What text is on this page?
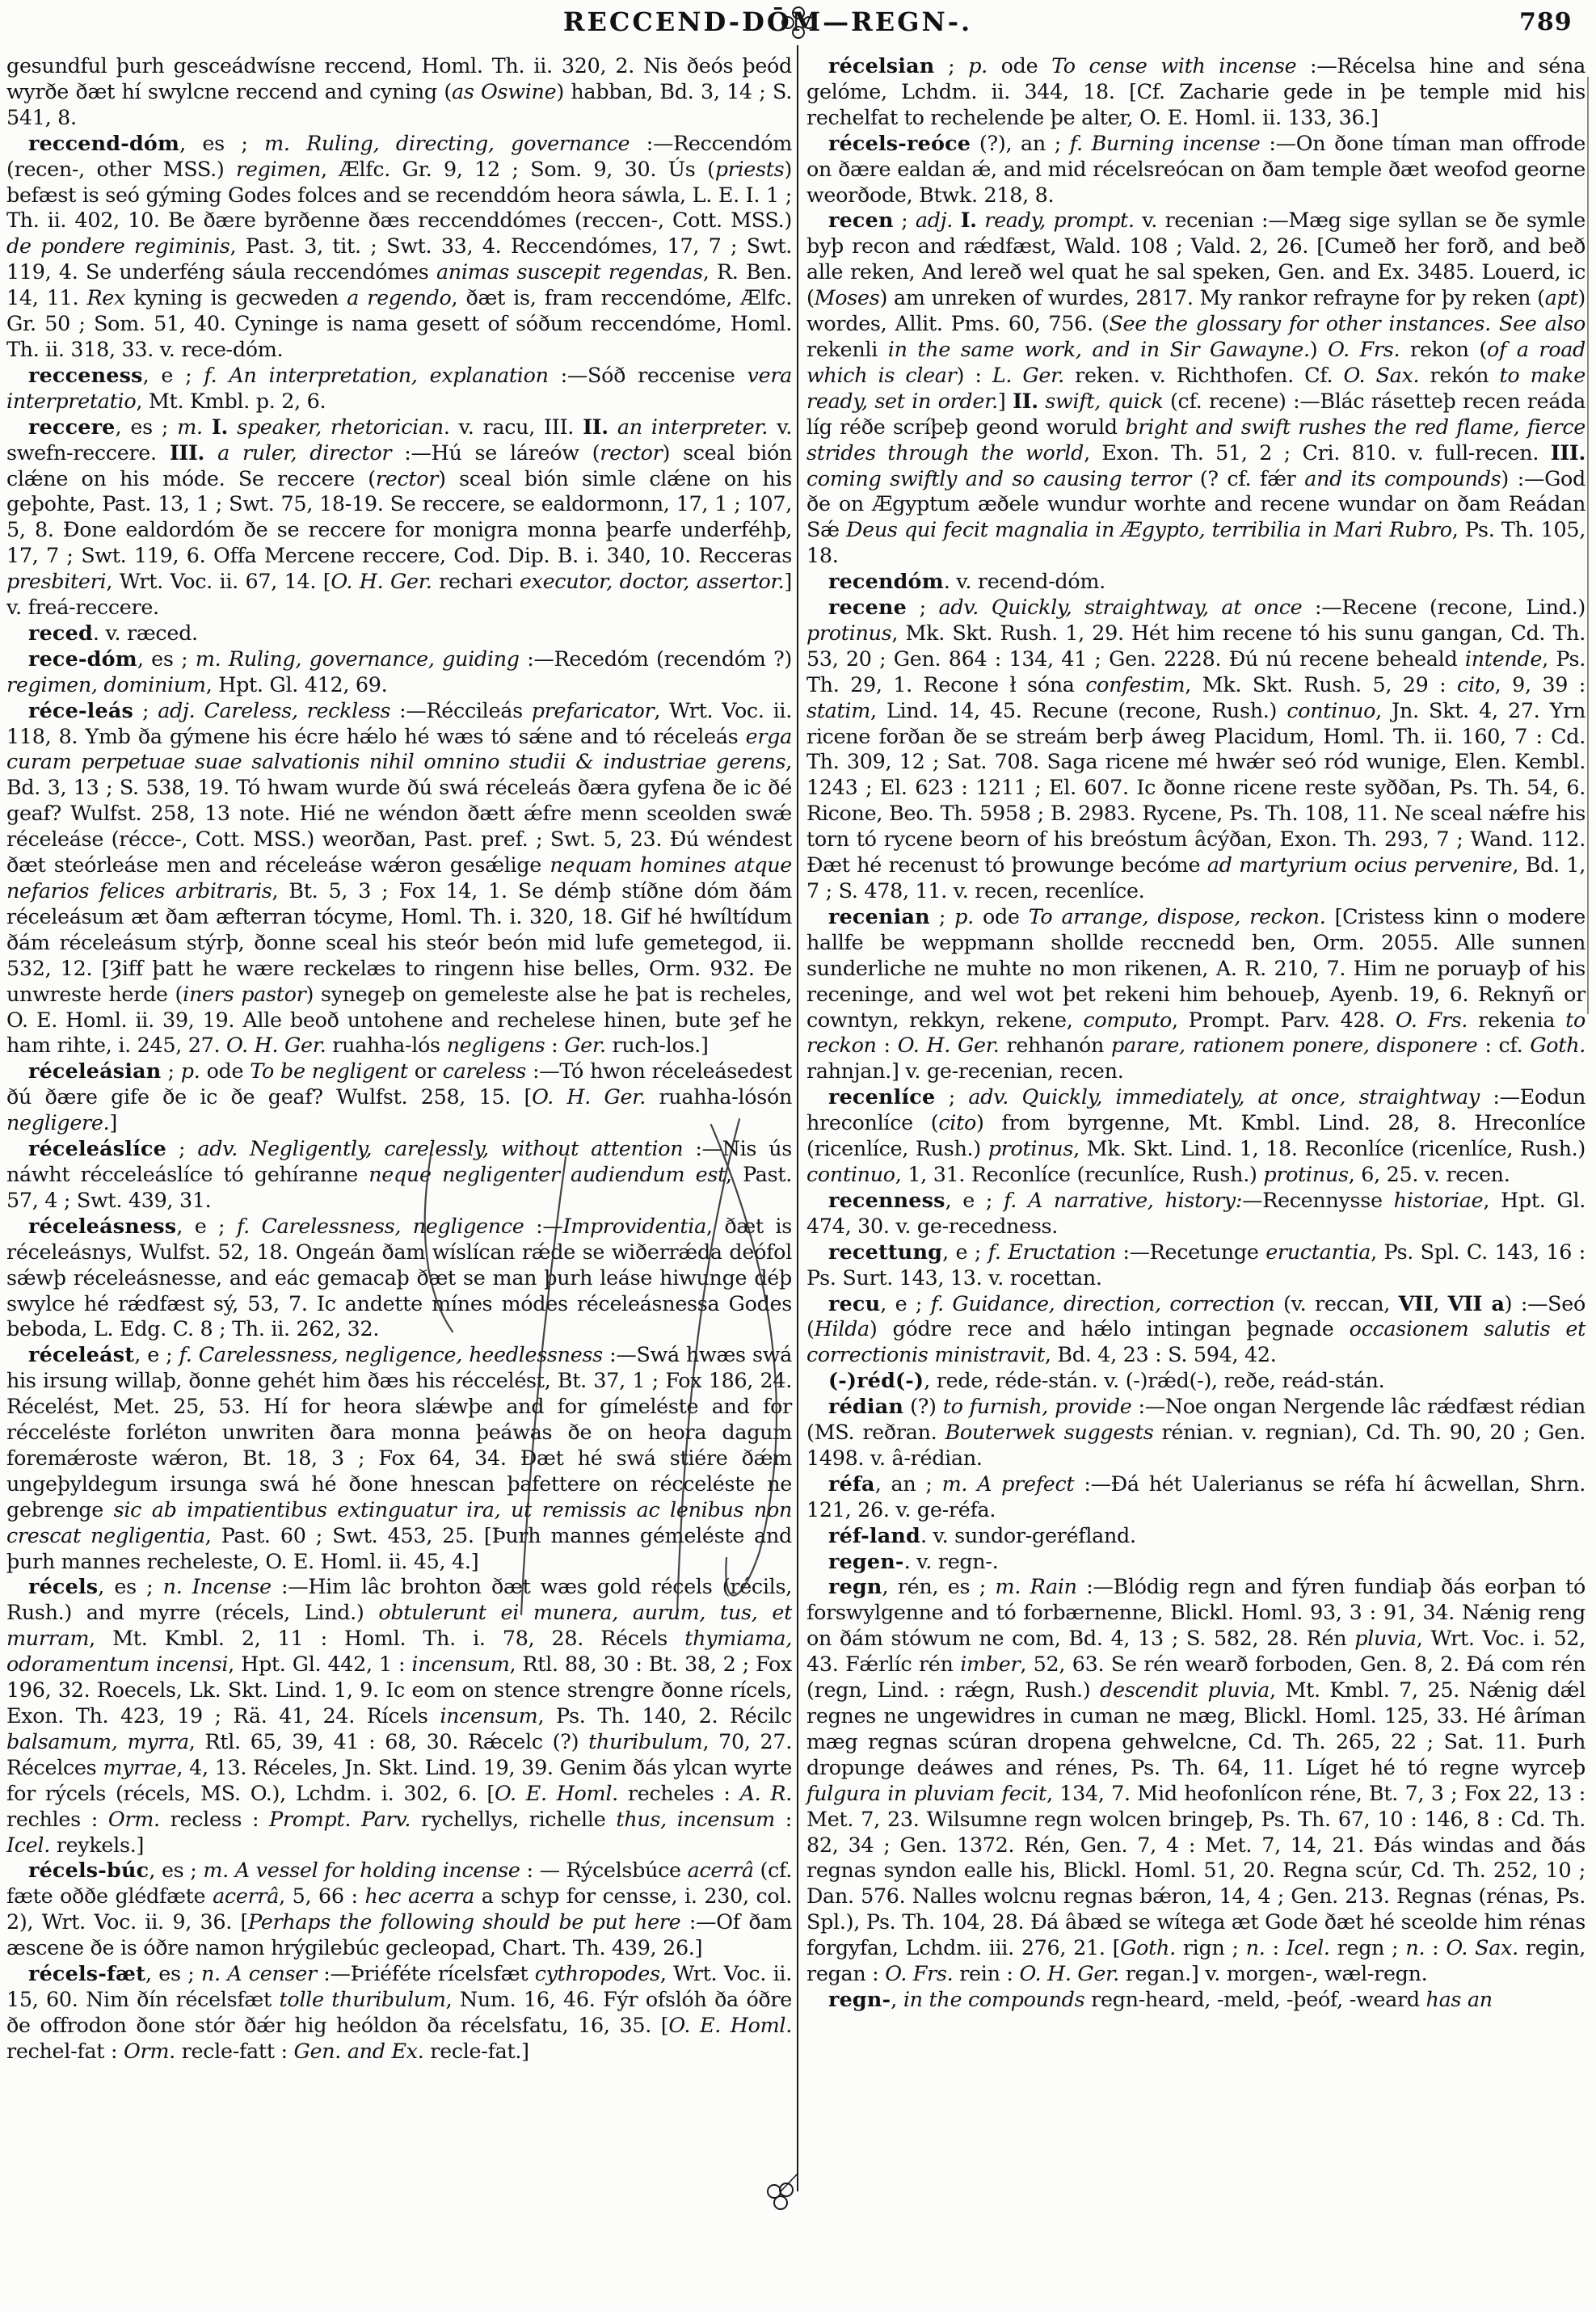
RECCEND-DŌM—REGN-.	789

gesundful þurh gesceádwísne reccend, Homl. Th. ii. 320, 2. Nis ðeós þeód wyrðe ðæt hí swylcne reccend and cyning (as Oswine) habban, Bd. 3, 14 ; S. 541, 8.

reccend-dóm, es ; m. Ruling, directing, governance :—Reccendóm (recen-, other MSS.) regimen, Ælfc. Gr. 9, 12 ; Som. 9, 30. Ús (priests) befæst is seó gýming Godes folces and se recenddóm heora sáwla, L. E. I. 1 ; Th. ii. 402, 10. Be ðære byrðenne ðæs reccenddómes (reccen-, Cott. MSS.) de pondere regiminis, Past. 3, tit. ; Swt. 33, 4. Reccendómes, 17, 7 ; Swt. 119, 4. Se underféng sáula reccendómes animas suscepit regendas, R. Ben. 14, 11. Rex kyning is gecweden a regendo, ðæt is, fram reccendóme, Ælfc. Gr. 50 ; Som. 51, 40. Cyninge is nama gesett of sóðum reccendóme, Homl. Th. ii. 318, 33. v. rece-dóm.

recceness, e ; f. An interpretation, explanation :—Sóð reccenise vera interpretatio, Mt. Kmbl. p. 2, 6.

reccere, es ; m. I. speaker, rhetorician. v. racu, III. II. an interpreter. v. swefn-reccere. III. a ruler, director :—Hú se láreów (rector) sceal bión clǽne on his móde. Se reccere (rector) sceal bión simle clǽne on his geþohte, Past. 13, 1 ; Swt. 75, 18-19. Se reccere, se ealdormonn, 17, 1 ; 107, 5, 8. Ðone ealdordóm ðe se reccere for monigra monna þearfe underféhþ, 17, 7 ; Swt. 119, 6. Offa Mercene reccere, Cod. Dip. B. i. 340, 10. Recceras presbiteri, Wrt. Voc. ii. 67, 14. [O. H. Ger. rechari executor, doctor, assertor.] v. freá-reccere.

reced. v. ræced.

rece-dóm, es ; m. Ruling, governance, guiding :—Recedóm (recendóm ?) regimen, dominium, Hpt. Gl. 412, 69.

réce-leás ; adj. Careless, reckless :—Réccileás prefaricator, Wrt. Voc. ii. 118, 8. Ymb ða gýmene his écre hǽlo hé wæs tó sǽne and tó réceleás erga curam perpetuae suae salvationis nihil omnino studii & industriae gerens, Bd. 3, 13 ; S. 538, 19. Tó hwam wurde ðú swá réceleás ðæra gyfena ðe ic ðé geaf? Wulfst. 258, 13 note. Hié ne wéndon ðætt ǽfre menn sceolden swǽ réceleáse (récce-, Cott. MSS.) weorðan, Past. pref. ; Swt. 5, 23. Ðú wéndest ðæt steórleáse men and réceleáse wǽron gesǽlige nequam homines atque nefarios felices arbitraris, Bt. 5, 3 ; Fox 14, 1. Se démþ stíðne dóm ðám réceleásum æt ðam æfterran tócyme, Homl. Th. i. 320, 18. Gif hé hwíltídum ðám réceleásum stýrþ, ðonne sceal his steór beón mid lufe gemetegod, ii. 532, 12. [Ȝiff þatt he wære reckelæs to ringenn hise belles, Orm. 932. Ðe unwreste herde (iners pastor) synegeþ on gemeleste alse he þat is recheles, O. E. Homl. ii. 39, 19. Alle beoð untohene and rechelese hinen, bute ȝef he ham rihte, i. 245, 27. O. H. Ger. ruahha-lós negligens : Ger. ruch-los.]

réceleásian ; p. ode To be negligent or careless :—Tó hwon réceleásedest ðú ðære gife ðe ic ðe geaf? Wulfst. 258, 15. [O. H. Ger. ruahha-lósón negligere.]

réceleáslíce ; adv. Negligently, carelessly, without attention :—Nis ús náwht récceleáslíce tó gehíranne neque negligenter audiendum est, Past. 57, 4 ; Swt. 439, 31.

réceleásness, e ; f. Carelessness, negligence :—Improvidentia, ðæt is réceleásnys, Wulfst. 52, 18. Ongeán ðam wíslícan rǽde se wiðerrǽda deófol sǽwþ réceleásnesse, and eác gemacaþ ðæt se man þurh leáse hiwunge déþ swylce hé rǽdfæst sý, 53, 7. Ic andette mínes módes réceleásnessa Godes beboda, L. Edg. C. 8 ; Th. ii. 262, 32.

réceleást, e ; f. Carelessness, negligence, heedlessness :—Swá hwæs swá his irsung willaþ, ðonne gehét him ðæs his réccelést, Bt. 37, 1 ; Fox 186, 24. Récelést, Met. 25, 53. Hí for heora slǽwþe and for gímeléste and for récceléste forléton unwriten ðara monna þeáwas ðe on heora dagum foremǽroste wǽron, Bt. 18, 3 ; Fox 64, 34. Ðæt hé swá stiére ðǽm ungeþyldegum irsunga swá hé ðone hnescan þafettere on récceléste ne gebrenge sic ab impatientibus extinguatur ira, ut remissis ac lenibus non crescat negligentia, Past. 60 ; Swt. 453, 25. [Þurh mannes gémeléste and þurh mannes recheleste, O. E. Homl. ii. 45, 4.]

récels, es ; n. Incense :—Him lâc brohton ðæt wæs gold récels (récils, Rush.) and myrre (récels, Lind.) obtulerunt ei munera, aurum, tus, et murram, Mt. Kmbl. 2, 11 : Homl. Th. i. 78, 28. Récels thymiama, odoramentum incensi, Hpt. Gl. 442, 1 : incensum, Rtl. 88, 30 : Bt. 38, 2 ; Fox 196, 32. Roecels, Lk. Skt. Lind. 1, 9. Ic eom on stence strengre ðonne rícels, Exon. Th. 423, 19 ; Rä. 41, 24. Rícels incensum, Ps. Th. 140, 2. Récilc balsamum, myrra, Rtl. 65, 39, 41 : 68, 30. Rǽcelc (?) thuribulum, 70, 27. Récelces myrrae, 4, 13. Réceles, Jn. Skt. Lind. 19, 39. Genim ðás ylcan wyrte for rýcels (récels, MS. O.), Lchdm. i. 302, 6. [O. E. Homl. recheles : A. R. rechles : Orm. recless : Prompt. Parv. rychellys, richelle thus, incensum : Icel. reykels.]

récels-búc, es ; m. A vessel for holding incense : — Rýcelsbúce acerrâ (cf. fæte oððe glédfæte acerrâ, 5, 66 : hec acerra a schyp for censse, i. 230, col. 2), Wrt. Voc. ii. 9, 36. [Perhaps the following should be put here :—Of ðam æscene ðe is óðre namon hrýgilebúc gecleopad, Chart. Th. 439, 26.]

récels-fæt, es ; n. A censer :—Þriéféte rícelsfæt cythropodes, Wrt. Voc. ii. 15, 60. Nim ðín récelsfæt tolle thuribulum, Num. 16, 46. Fýr ofslóh ða óðre ðe offrodon ðone stór ðǽr hig heóldon ða récelsfatu, 16, 35. [O. E. Homl. rechel-fat : Orm. recle-fatt : Gen. and Ex. recle-fat.]

récelsian ; p. ode To cense with incense :—Récelsa hine and séna gelóme, Lchdm. ii. 344, 18. [Cf. Zacharie gede in þe temple mid his rechelfat to rechelende þe alter, O. E. Homl. ii. 133, 36.]

récels-reóce (?), an ; f. Burning incense :—On ðone tíman man offrode on ðære ealdan ǽ, and mid récelsreócan on ðam temple ðæt weofod georne weorðode, Btwk. 218, 8.

recen ; adj. I. ready, prompt. v. recenian :—Mæg sige syllan se ðe symle byþ recon and rǽdfæst, Wald. 108 ; Vald. 2, 26. [Cumeð her forð, and beð alle reken, And lereð wel quat he sal speken, Gen. and Ex. 3485. Louerd, ic (Moses) am unreken of wurdes, 2817. My rankor refrayne for þy reken (apt) wordes, Allit. Pms. 60, 756. (See the glossary for other instances. See also rekenli in the same work, and in Sir Gawayne.) O. Frs. rekon (of a road which is clear) : L. Ger. reken. v. Richthofen. Cf. O. Sax. rekón to make ready, set in order.] II. swift, quick (cf. recene) :—Blác rásetteþ recen reáda líg réðe scríþeþ geond woruld bright and swift rushes the red flame, fierce strides through the world, Exon. Th. 51, 2 ; Cri. 810. v. full-recen. III. coming swiftly and so causing terror (? cf. fǽr and its compounds) :—God ðe on Ægyptum æðele wundur worhte and recene wundar on ðam Reádan Sǽ Deus qui fecit magnalia in Ægypto, terribilia in Mari Rubro, Ps. Th. 105, 18.

recendóm. v. recend-dóm.

recene ; adv. Quickly, straightway, at once :—Recene (recone, Lind.) protinus, Mk. Skt. Rush. 1, 29. Hét him recene tó his sunu gangan, Cd. Th. 53, 20 ; Gen. 864 : 134, 41 ; Gen. 2228. Ðú nú recene beheald intende, Ps. Th. 29, 1. Recone ł sóna confestim, Mk. Skt. Rush. 5, 29 : cito, 9, 39 : statim, Lind. 14, 45. Recune (recone, Rush.) continuo, Jn. Skt. 4, 27. Yrn ricene forðan ðe se streám berþ áweg Placidum, Homl. Th. ii. 160, 7 : Cd. Th. 309, 12 ; Sat. 708. Saga ricene mé hwǽr seó ród wunige, Elen. Kembl. 1243 ; El. 623 : 1211 ; El. 607. Ic ðonne ricene reste syððan, Ps. Th. 54, 6. Ricone, Beo. Th. 5958 ; B. 2983. Rycene, Ps. Th. 108, 11. Ne sceal nǽfre his torn tó rycene beorn of his breóstum âcýðan, Exon. Th. 293, 7 ; Wand. 112. Ðæt hé recenust tó þrowunge becóme ad martyrium ocius pervenire, Bd. 1, 7 ; S. 478, 11. v. recen, recenlíce.

recenian ; p. ode To arrange, dispose, reckon. [Cristess kinn o modere hallfe be weppmann shollde reccnedd ben, Orm. 2055. Alle sunnen sunderliche ne muhte no mon rikenen, A. R. 210, 7. Him ne poruayþ of his receninge, and wel wot þet rekeni him behoueþ, Ayenb. 19, 6. Reknyñ or cowntyn, rekkyn, rekene, computo, Prompt. Parv. 428. O. Frs. rekenia to reckon : O. H. Ger. rehhanón parare, rationem ponere, disponere : cf. Goth. rahnjan.] v. ge-recenian, recen.

recenlíce ; adv. Quickly, immediately, at once, straightway :—Eodun hreconlíce (cito) from byrgenne, Mt. Kmbl. Lind. 28, 8. Hreconlíce (ricenlíce, Rush.) protinus, Mk. Skt. Lind. 1, 18. Reconlíce (ricenlíce, Rush.) continuo, 1, 31. Reconlíce (recunlíce, Rush.) protinus, 6, 25. v. recen.

recenness, e ; f. A narrative, history:—Recennysse historiae, Hpt. Gl. 474, 30. v. ge-recedness.

recettung, e ; f. Eructation :—Recetunge eructantia, Ps. Spl. C. 143, 16 : Ps. Surt. 143, 13. v. rocettan.

recu, e ; f. Guidance, direction, correction (v. reccan, VII, VII a) :—Seó (Hilda) gódre rece and hǽlo intingan þegnade occasionem salutis et correctionis ministravit, Bd. 4, 23 : S. 594, 42.

(-)réd(-), rede, réde-stán. v. (-)rǽd(-), reðe, reád-stán.

rédian (?) to furnish, provide :—Noe ongan Nergende lâc rǽdfæst rédian (MS. reðran. Bouterwek suggests rénian. v. regnian), Cd. Th. 90, 20 ; Gen. 1498. v. â-rédian.

réfa, an ; m. A prefect :—Ðá hét Ualerianus se réfa hí âcwellan, Shrn. 121, 26. v. ge-réfa.

réf-land. v. sundor-geréfland.

regen-. v. regn-.

regn, rén, es ; m. Rain :—Blódig regn and fýren fundiaþ ðás eorþan tó forswylgenne and tó forbærnenne, Blickl. Homl. 93, 3 : 91, 34. Nǽnig reng on ðám stówum ne com, Bd. 4, 13 ; S. 582, 28. Rén pluvia, Wrt. Voc. i. 52, 43. Fǽrlíc rén imber, 52, 63. Se rén wearð forboden, Gen. 8, 2. Ðá com rén (regn, Lind. : rǽgn, Rush.) descendit pluvia, Mt. Kmbl. 7, 25. Nǽnig dǽl regnes ne ungewidres in cuman ne mæg, Blickl. Homl. 125, 33. Hé âríman mæg regnas scúran dropena gehwelcne, Cd. Th. 265, 22 ; Sat. 11. Þurh dropunge deáwes and rénes, Ps. Th. 64, 11. Líget hé tó regne wyrceþ fulgura in pluviam fecit, 134, 7. Mid heofonlícon réne, Bt. 7, 3 ; Fox 22, 13 : Met. 7, 23. Wilsumne regn wolcen bringeþ, Ps. Th. 67, 10 : 146, 8 : Cd. Th. 82, 34 ; Gen. 1372. Rén, Gen. 7, 4 : Met. 7, 14, 21. Ðás windas and ðás regnas syndon ealle his, Blickl. Homl. 51, 20. Regna scúr, Cd. Th. 252, 10 ; Dan. 576. Nalles wolcnu regnas bǽron, 14, 4 ; Gen. 213. Regnas (rénas, Ps. Spl.), Ps. Th. 104, 28. Ðá âbæd se wítega æt Gode ðæt hé sceolde him rénas forgyfan, Lchdm. iii. 276, 21. [Goth. rign ; n. : Icel. regn ; n. : O. Sax. regin, regan : O. Frs. rein : O. H. Ger. regan.] v. morgen-, wæl-regn.

regn-, in the compounds regn-heard, -meld, -þeóf, -weard has an
